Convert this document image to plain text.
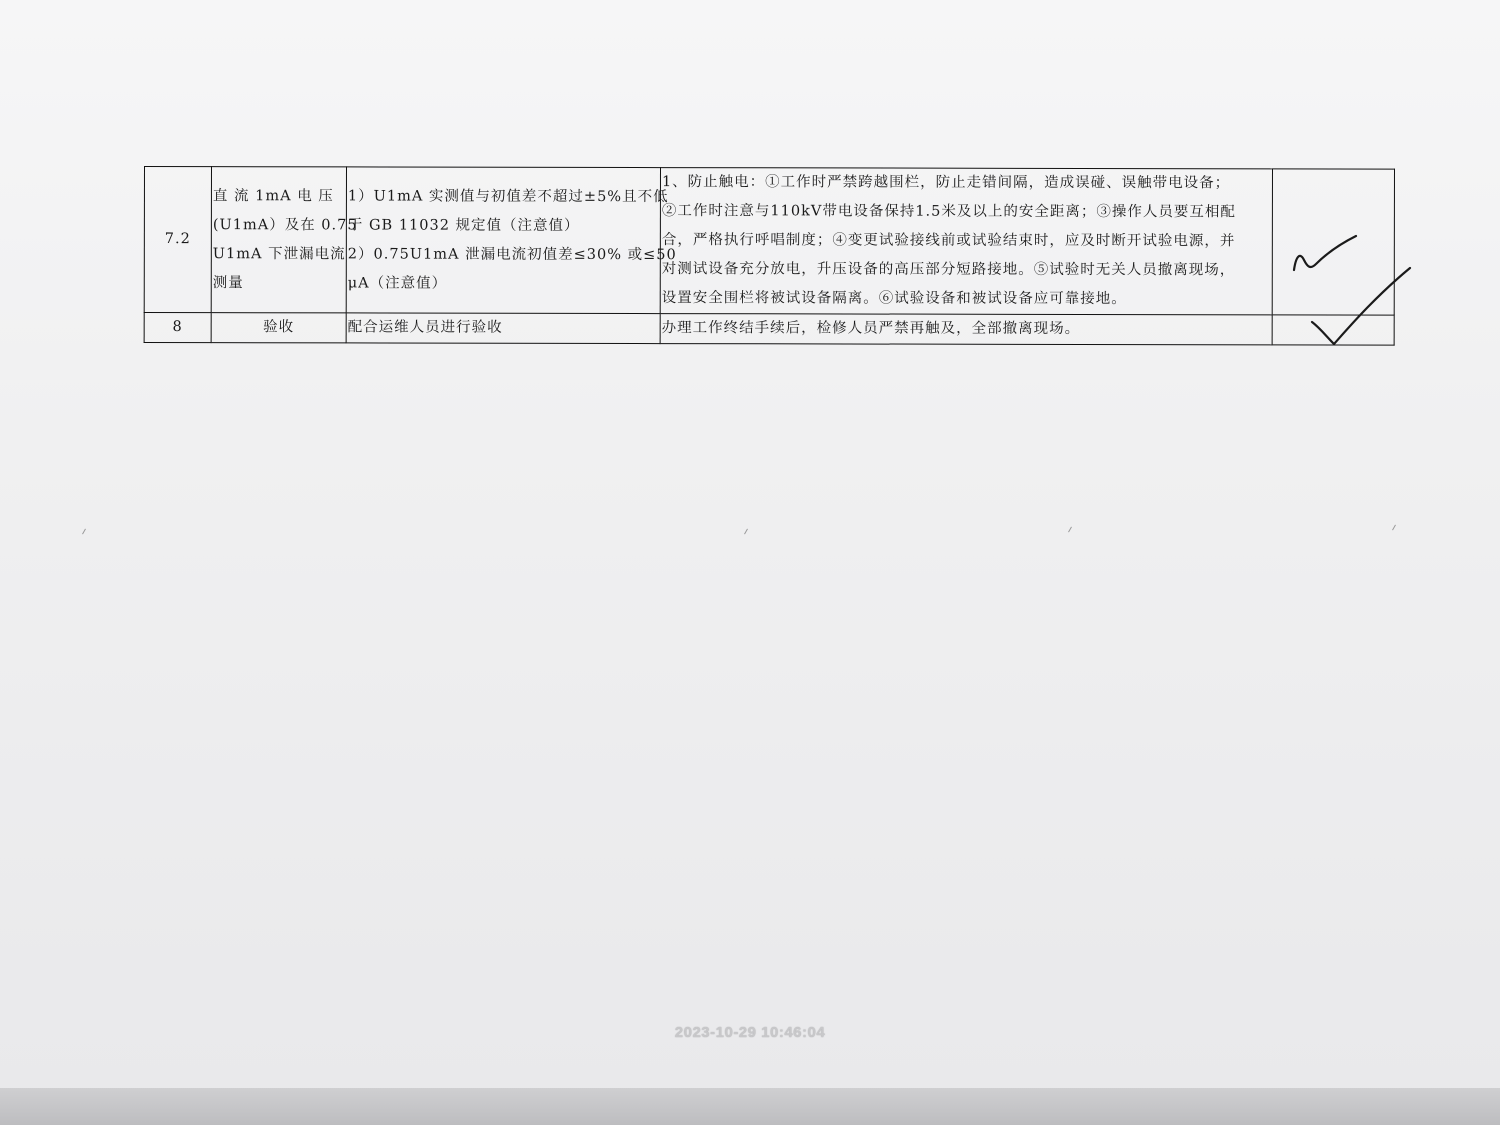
7.2	直 流 1mA 电 压
(U1mA）及在 0.75
U1mA 下泄漏电流
测量	1）U1mA 实测值与初值差不超过±5%且不低
于 GB 11032 规定值（注意值）
2）0.75U1mA 泄漏电流初值差≤30% 或≤50
μA（注意值）	1、防止触电：①工作时严禁跨越围栏，防止走错间隔，造成误碰、误触带电设备；
②工作时注意与110kV带电设备保持1.5米及以上的安全距离；③操作人员要互相配
合，严格执行呼唱制度；④变更试验接线前或试验结束时，应及时断开试验电源，并
对测试设备充分放电，升压设备的高压部分短路接地。⑤试验时无关人员撤离现场，
设置安全围栏将被试设备隔离。⑥试验设备和被试设备应可靠接地。	

8	验收	配合运维人员进行验收	办理工作终结手续后，检修人员严禁再触及，全部撤离现场。	
2023-10-29 10:46:04
